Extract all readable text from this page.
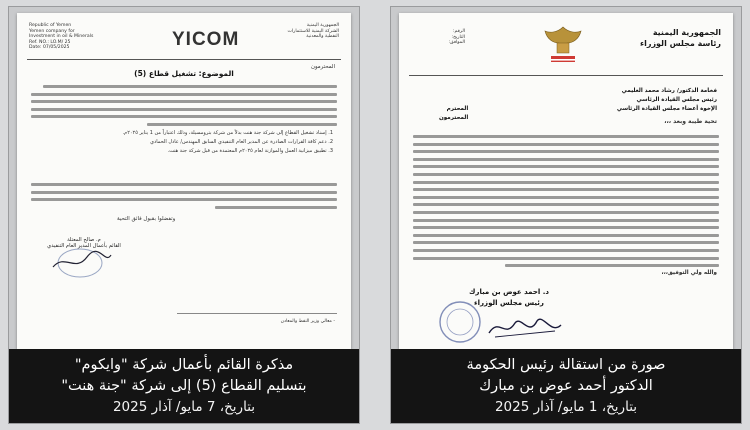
Republic of Yemen
Yemen company for
Investment in oil & Minerals
Ref. NO.: LO.M/ 25
Date: 07/05/2025	YICOM
الجمهورية اليمنية
الشركة اليمنية للاستثمارات
النفطية والمعدنية
المحترمون
الموضوع: تشغيل قطاع (5)
1. إسناد تشغيل القطاع إلى شركة جنة هنت بدلاً من شركة بترومسيلة، وذلك اعتباراً من 1 يناير ٢٠٢٥م.
2. دعم كافة القرارات الصادرة عن المدير العام التنفيذي السابق المهندس/ عادل الحمادي
3. تطبيق ميزانية العمل والموازنة لعام ٢٠٢٥م المعتمدة من قبل شركة جنة هنت.
وتفضلوا بقبول فائق التحية
م. صالح المعتلة
القائم بأعمال المدير العام التنفيذي
- معالي وزير النفط والمعادن
مذكرة القائم بأعمال شركة "وايكوم"
بتسليم القطاع (5) إلى شركة "جنة هنت"
بتاريخ، 7 مايو/ آذار 2025
الرقم:
التاريخ:
الموافق:
الجمهورية اليمنية
رئاسة مجلس الوزراء
فخامة الدكتور/ رشاد محمد العليمي
رئيس مجلس القيادة الرئاسي
الإخوة أعضاء مجلس القيادة الرئاسي
المحترم
المحترمون	تحية طيبة وبعد ،،،
والله ولي التوفيق،،،
د. احمد عوض بن مبارك
رئيس مجلس الوزراء
صورة من استقالة رئيس الحكومة
الدكتور أحمد عوض بن مبارك
بتاريخ، 1 مايو/ آذار 2025
